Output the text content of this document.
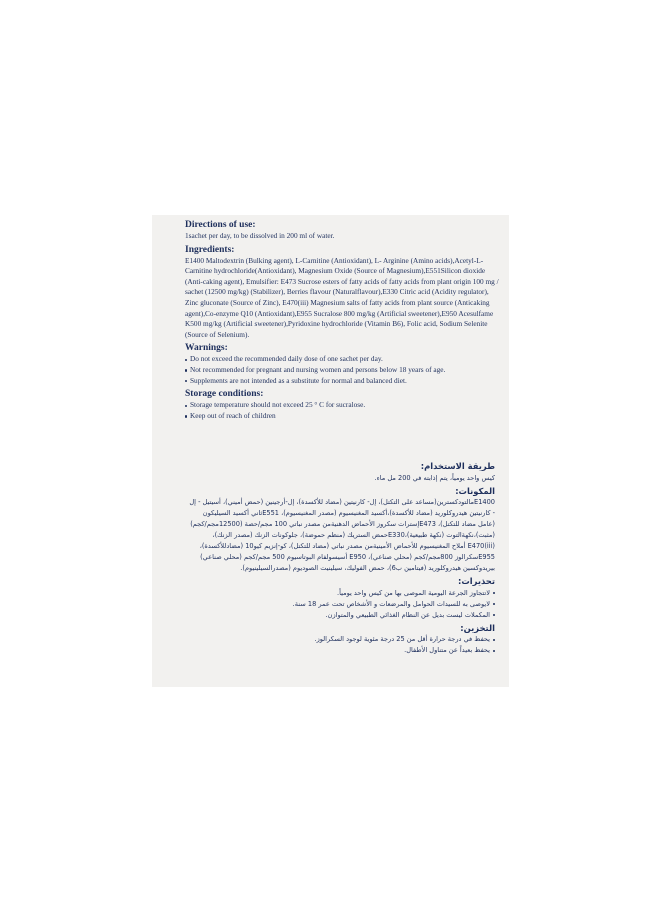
Directions of use:

1sachet per day, to be dissolved in 200 ml of water.

Ingredients:

E1400 Maltodextrin (Bulking agent), L-Carnitine (Antioxidant), L- Arginine (Amino acids),Acetyl-L- Carnitine hydrochloride(Antioxidant), Magnesium Oxide (Source of Magnesium),E551Silicon dioxide (Anti-caking agent), Emulsifier: E473 Sucrose esters of fatty acids of fatty acids from plant origin 100 mg / sachet (12500 mg/kg) (Stabilizer), Berries flavour (Naturalflavour),E330 Citric acid (Acidity regulator), Zinc gluconate (Source of Zinc), E470(iii) Magnesium salts of fatty acids from plant source (Anticaking agent),Co-enzyme Q10 (Antioxidant),E955 Sucralose 800 mg/kg (Artificial sweetener),E950 Acesulfame K500 mg/kg (Artificial sweetener),Pyridoxine hydrochloride (Vitamin B6), Folic acid, Sodium Selenite (Source of Selenium).

Warnings:
Do not exceed the recommended daily dose of one sachet per day.
Not recommended for pregnant and nursing women and persons below 18 years of age.
Supplements are not intended as a substitute for normal and balanced diet.
Storage conditions:
Storage temperature should not exceed 25 ° C for sucralose.
Keep out of reach of children
طريقة الاستخدام:

كيس واحد يومياً، يتم إذابته في 200 مل ماء.

المكونات:

E1400مالتودكسترين(مساعد على التكتل)، إل- كارنيتين (مضاد للأكسدة)، إل-أرجينين (حمض أميني)، أسيتيل - إل - كارنيتين هيدروكلوريد (مضاد للأكسدة)،أكسيد المغنيسيوم (مصدر المغنيسيوم)، E551ثاني أكسيد السيليكون (عامل مضاد للتكتل)، E473إسترات سكروز الأحماض الدهنيةمن مصدر نباتي 100 مجم/حصة (12500مجم/كجم) (مثبت)،نكهةالتوت (نكهة طبيعية)،E330حمض الستريك (منظم حموضة)، جلوكونات الزنك (مصدر الزنك)، E470(iii) أملاح المغنيسيوم للأحماض الأمينيةمن مصدر نباتي (مضاد للتكتل)، كو-إنزيم كيو10 (مضادللأكسدة)، E955سكرالوز 800مجم/كجم (محلي صناعي)، E950 أسيسولفام البوتاسيوم 500 مجم/كجم (محلي صناعي) بيريدوكسين هيدروكلوريد (فيتامين ب6)، حمض الفوليك، سيلينيت الصوديوم (مصدرالسيلينيوم).

تحذيرات:
لاتتجاوز الجرعة اليومية الموصى بها من كيس واحد يومياً.
لايوصى به للسيدات الحوامل والمرضعات و الأشخاص تحت عمر 18 سنة.
المكملات ليست بديل عن النظام الغذائي الطبيعي والمتوازن.
التخزين:
يحفظ في درجة حرارة أقل من 25 درجة مئوية لوجود السكرالوز.
يحفظ بعيداً عن متناول الأطفال.
